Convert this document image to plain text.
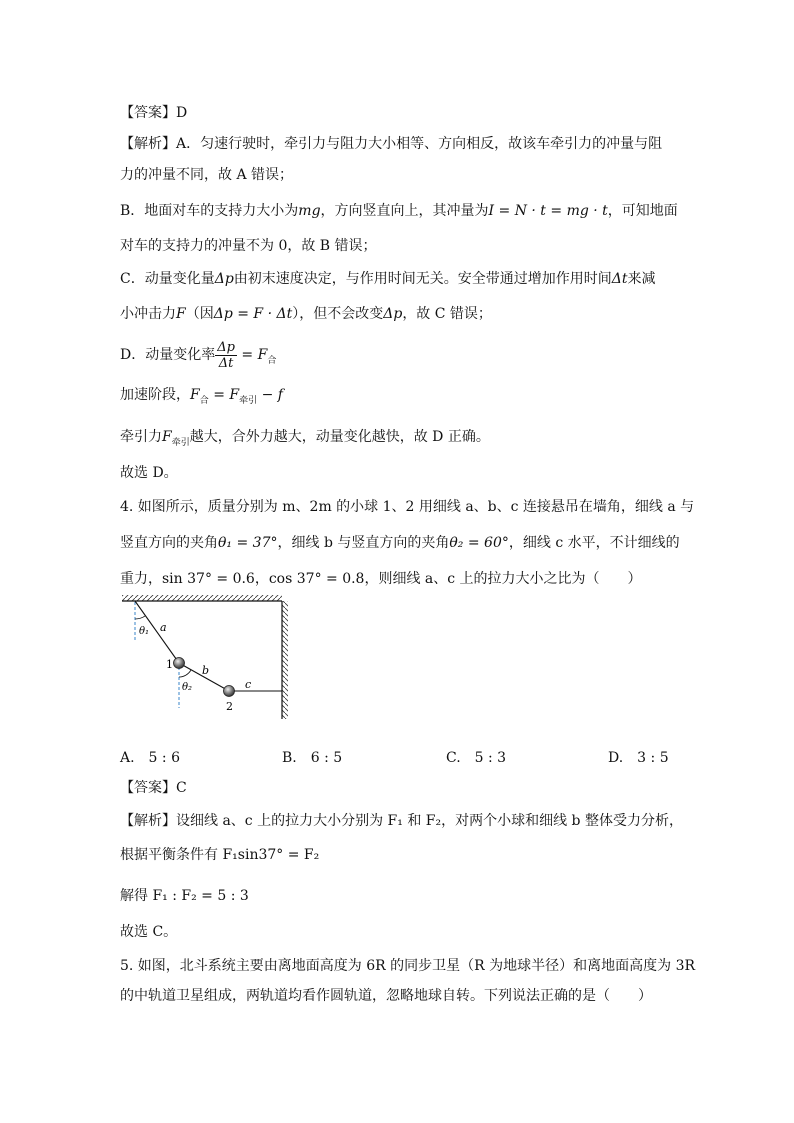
【答案】D
【解析】A．匀速行驶时，牵引力与阻力大小相等、方向相反，故该车牵引力的冲量与阻
力的冲量不同，故 A 错误；
B．地面对车的支持力大小为mg，方向竖直向上，其冲量为I = N · t = mg · t，可知地面
对车的支持力的冲量不为 0，故 B 错误；
C．动量变化量Δp由初末速度决定，与作用时间无关。安全带通过增加作用时间Δt来减
小冲击力F（因Δp = F · Δt），但不会改变Δp，故 C 错误；
D．动量变化率 $\frac{\Delta p}{\Delta t} = F_合$
加速阶段，$F_合 = F_{牵引} - f$
牵引力$F_{牵引}$越大，合外力越大，动量变化越快，故 D 正确。
故选 D。
4. 如图所示，质量分别为 m、2m 的小球 1、2 用细线 a、b、c 连接悬吊在墙角，细线 a 与
竖直方向的夹角θ₁ = 37°，细线 b 与竖直方向的夹角θ₂ = 60°，细线 c 水平，不计细线的
重力，sin 37° = 0.6，cos 37° = 0.8，则细线 a、c 上的拉力大小之比为（　　）
θ₁ a
1	b
θ₂	c
2
A.　5 : 6	B.　6 : 5	C.　5 : 3	D.　3 : 5
【答案】C
【解析】设细线 a、c 上的拉力大小分别为 F₁ 和 F₂，对两个小球和细线 b 整体受力分析，
根据平衡条件有 F₁sin37° = F₂
解得 F₁ : F₂ = 5 : 3
故选 C。
5. 如图，北斗系统主要由离地面高度为 6R 的同步卫星（R 为地球半径）和离地面高度为 3R
的中轨道卫星组成，两轨道均看作圆轨道，忽略地球自转。下列说法正确的是（　　）
